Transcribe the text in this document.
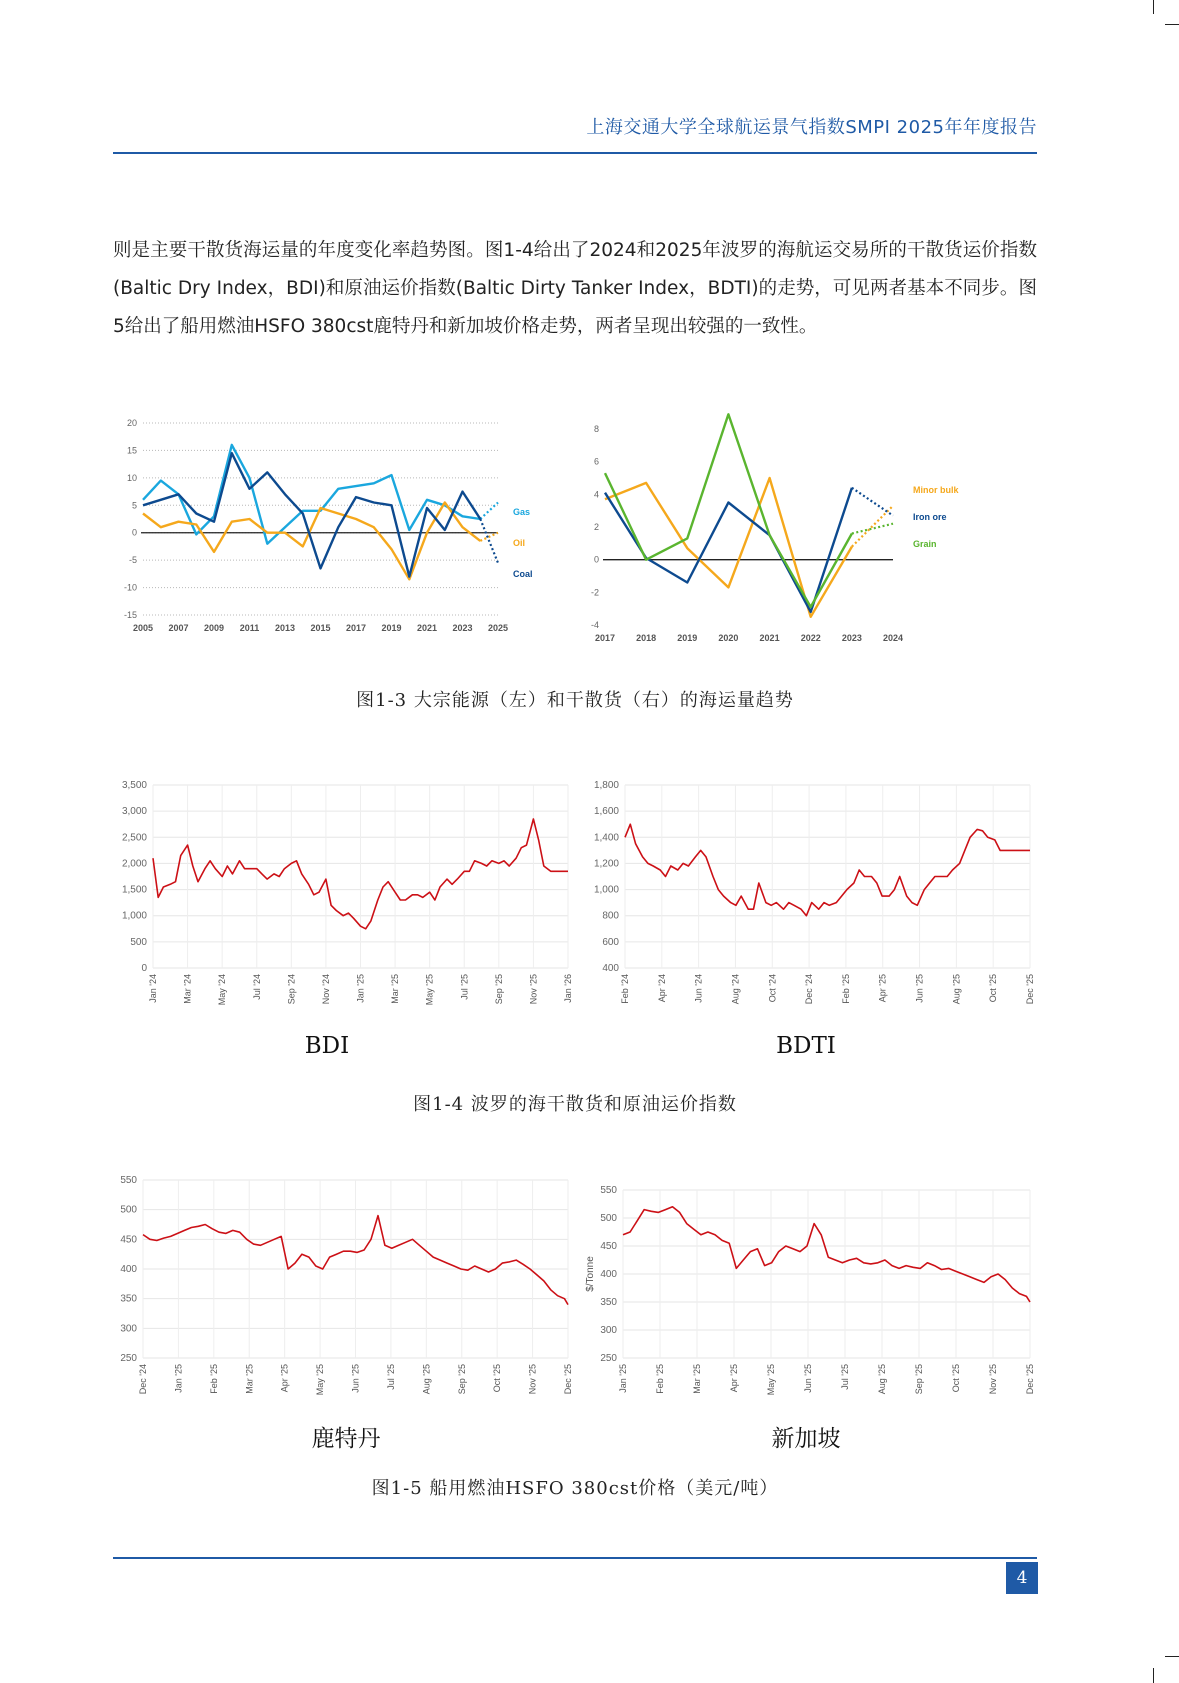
上海交通大学全球航运景气指数SMPI 2025年年度报告

则是主要干散货海运量的年度变化率趋势图。图1-4给出了2024和2025年波罗的海航运交易所的干散货运价指数(Baltic Dry Index，BDI)和原油运价指数(Baltic Dirty Tanker Index，BDTI)的走势，可见两者基本不同步。图5给出了船用燃油HSFO 380cst鹿特丹和新加坡价格走势，两者呈现出较强的一致性。

20
15
10
5
0
-5
-10
-15
2005 2007 2009 2011 2013 2015 2017 2019 2021 2023 2025
Gas
Oil
Coal
8
6
4
2
0
-2
-4
2017 2018 2019 2020 2021 2022 2023 2024
Minor bulk
Iron ore
Grain
图1-3 大宗能源（左）和干散货（右）的海运量趋势
3,500
3,000
2,500
2,000
1,500
1,000
500
0
Jan '24	Mar '24	May '24	Jul '24	Sep '24	Nov '24	Jan '25	Mar '25	May '25	Jul '25	Sep '25	Nov '25	Jan '26
1,800
1,600
1,400
1,200
1,000
800
600
400
Feb '24	Apr '24	Jun '24	Aug '24	Oct '24	Dec '24	Feb '25	Apr '25	Jun '25	Aug '25	Oct '25	Dec '25
BDI	BDTI
图1-4 波罗的海干散货和原油运价指数
550
500
450
400
350
300
250
Dec '24	Jan '25	Feb '25	Mar '25	Apr '25	May '25	Jun '25	Jul '25	Aug '25	Sep '25	Oct '25	Nov '25	Dec '25
550
500
450
400
350
300
250
Jan '25	Feb '25	Mar '25	Apr '25	May '25	Jun '25	Jul '25	Aug '25	Sep '25	Oct '25	Nov '25	Dec '25
$/Tonne
鹿特丹	新加坡
图1-5 船用燃油HSFO 380cst价格（美元/吨）
4
